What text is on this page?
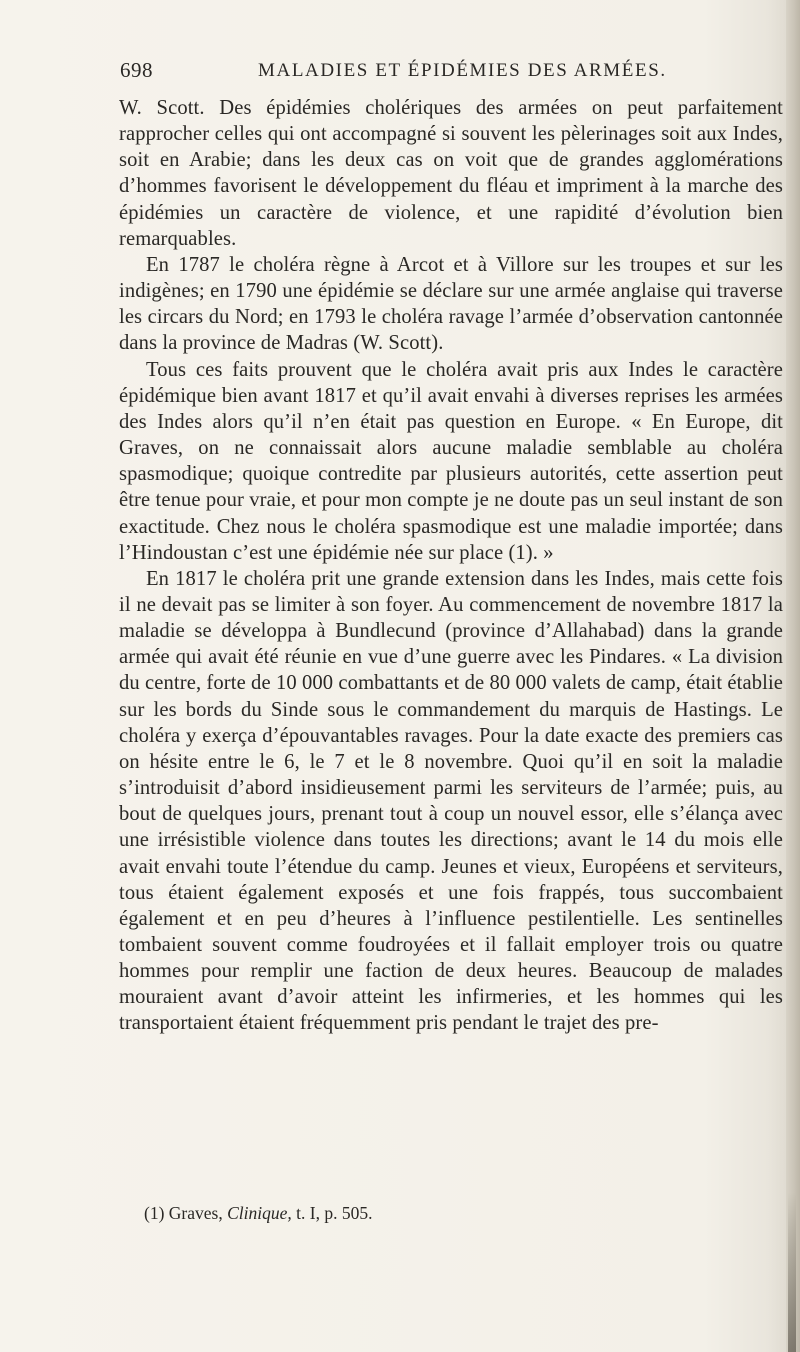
698	MALADIES ET ÉPIDÉMIES DES ARMÉES.

W. Scott. Des épidémies cholériques des armées on peut parfaitement rapprocher celles qui ont accompagné si souvent les pèlerinages soit aux Indes, soit en Arabie; dans les deux cas on voit que de grandes agglomérations d’hommes favorisent le développement du fléau et impriment à la marche des épidémies un caractère de violence, et une rapidité d’évolution bien remarquables.

En 1787 le choléra règne à Arcot et à Villore sur les troupes et sur les indigènes; en 1790 une épidémie se déclare sur une armée anglaise qui traverse les circars du Nord; en 1793 le choléra ravage l’armée d’observation cantonnée dans la province de Madras (W. Scott).

Tous ces faits prouvent que le choléra avait pris aux Indes le caractère épidémique bien avant 1817 et qu’il avait envahi à diverses reprises les armées des Indes alors qu’il n’en était pas question en Europe. « En Europe, dit Graves, on ne connaissait alors aucune maladie semblable au choléra spasmodique; quoique contredite par plusieurs autorités, cette assertion peut être tenue pour vraie, et pour mon compte je ne doute pas un seul instant de son exactitude. Chez nous le choléra spasmodique est une maladie importée; dans l’Hindoustan c’est une épidémie née sur place (1). »

En 1817 le choléra prit une grande extension dans les Indes, mais cette fois il ne devait pas se limiter à son foyer. Au commencement de novembre 1817 la maladie se développa à Bundlecund (province d’Allahabad) dans la grande armée qui avait été réunie en vue d’une guerre avec les Pindares. « La division du centre, forte de 10 000 combattants et de 80 000 valets de camp, était établie sur les bords du Sinde sous le commandement du marquis de Hastings. Le choléra y exerça d’épouvantables ravages. Pour la date exacte des premiers cas on hésite entre le 6, le 7 et le 8 novembre. Quoi qu’il en soit la maladie s’introduisit d’abord insidieusement parmi les serviteurs de l’armée; puis, au bout de quelques jours, prenant tout à coup un nouvel essor, elle s’élança avec une irrésistible violence dans toutes les directions; avant le 14 du mois elle avait envahi toute l’étendue du camp. Jeunes et vieux, Européens et serviteurs, tous étaient également exposés et une fois frappés, tous succombaient également et en peu d’heures à l’influence pestilentielle. Les sentinelles tombaient souvent comme foudroyées et il fallait employer trois ou quatre hommes pour remplir une faction de deux heures. Beaucoup de malades mouraient avant d’avoir atteint les infirmeries, et les hommes qui les transportaient étaient fréquemment pris pendant le trajet des pre-

(1) Graves, Clinique, t. I, p. 505.
